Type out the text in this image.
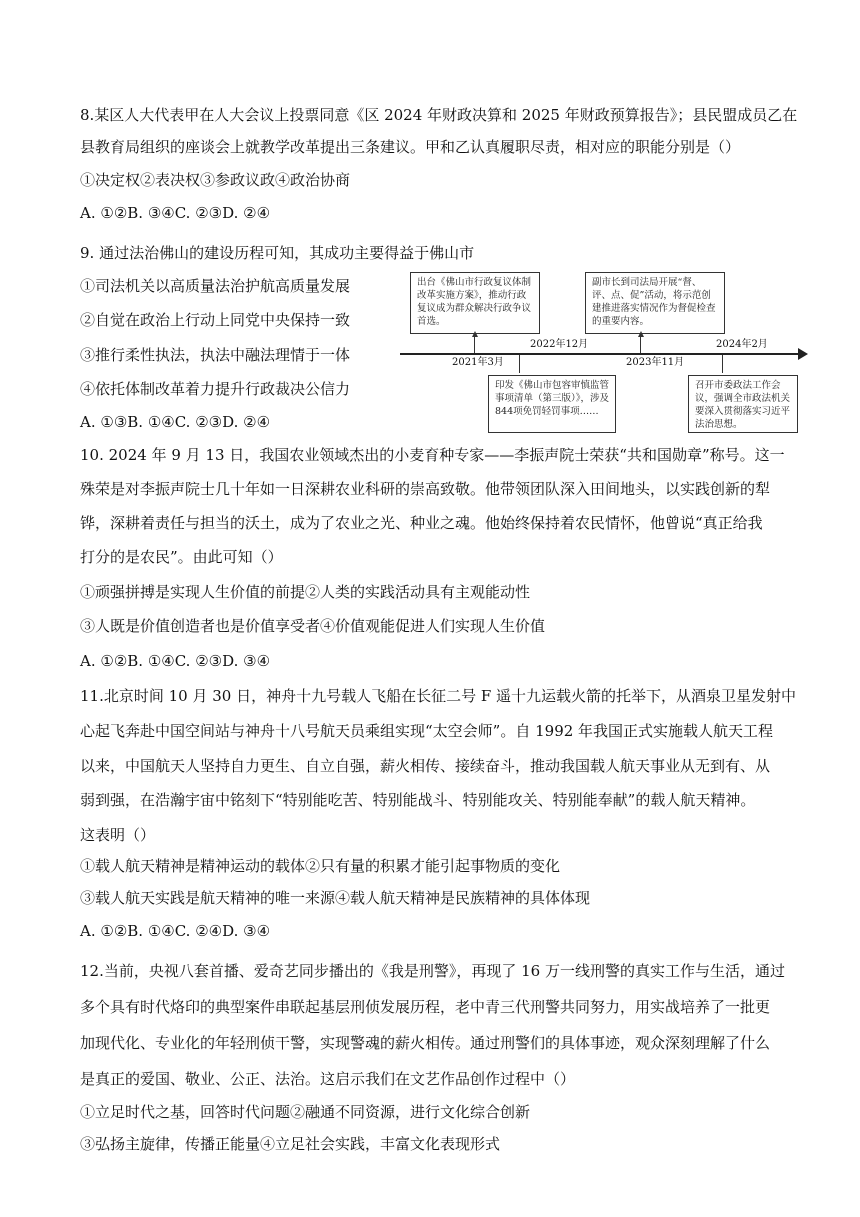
8.某区人大代表甲在人大会议上投票同意《区 2024 年财政决算和 2025 年财政预算报告》；县民盟成员乙在
县教育局组织的座谈会上就教学改革提出三条建议。甲和乙认真履职尽责，相对应的职能分别是（）
①决定权②表决权③参政议政④政治协商
A. ①②B. ③④C. ②③D. ②④
9. 通过法治佛山的建设历程可知，其成功主要得益于佛山市
①司法机关以高质量法治护航高质量发展
②自觉在政治上行动上同党中央保持一致
③推行柔性执法，执法中融法理情于一体
④依托体制改革着力提升行政裁决公信力
A. ①③B. ①④C. ②③D. ②④
出台《佛山市行政复议体制改革实施方案》，推动行政复议成为群众解决行政争议首选。
副市长到司法局开展“督、评、点、促”活动，将示范创建推进落实情况作为督促检查的重要内容。
2021年3月
2022年12月
2023年11月
2024年2月
印发《佛山市包容审慎监管事项清单（第三版）》，涉及844项免罚轻罚事项……
召开市委政法工作会议，强调全市政法机关要深入贯彻落实习近平法治思想。
10. 2024 年 9 月 13 日，我国农业领域杰出的小麦育种专家——李振声院士荣获“共和国勋章”称号。这一
殊荣是对李振声院士几十年如一日深耕农业科研的崇高致敬。他带领团队深入田间地头，以实践创新的犁
铧，深耕着责任与担当的沃土，成为了农业之光、种业之魂。他始终保持着农民情怀，他曾说“真正给我
打分的是农民”。由此可知（）
①顽强拼搏是实现人生价值的前提②人类的实践活动具有主观能动性
③人既是价值创造者也是价值享受者④价值观能促进人们实现人生价值
A. ①②B. ①④C. ②③D. ③④
11.北京时间 10 月 30 日，神舟十九号载人飞船在长征二号 F 遥十九运载火箭的托举下，从酒泉卫星发射中
心起飞奔赴中国空间站与神舟十八号航天员乘组实现“太空会师”。自 1992 年我国正式实施载人航天工程
以来，中国航天人坚持自力更生、自立自强，薪火相传、接续奋斗，推动我国载人航天事业从无到有、从
弱到强，在浩瀚宇宙中铭刻下“特别能吃苦、特别能战斗、特别能攻关、特别能奉献”的载人航天精神。
这表明（）
①载人航天精神是精神运动的载体②只有量的积累才能引起事物质的变化
③载人航天实践是航天精神的唯一来源④载人航天精神是民族精神的具体体现
A. ①②B. ①④C. ②④D. ③④
12.当前，央视八套首播、爱奇艺同步播出的《我是刑警》，再现了 16 万一线刑警的真实工作与生活，通过
多个具有时代烙印的典型案件串联起基层刑侦发展历程，老中青三代刑警共同努力，用实战培养了一批更
加现代化、专业化的年轻刑侦干警，实现警魂的薪火相传。通过刑警们的具体事迹，观众深刻理解了什么
是真正的爱国、敬业、公正、法治。这启示我们在文艺作品创作过程中（）
①立足时代之基，回答时代问题②融通不同资源，进行文化综合创新
③弘扬主旋律，传播正能量④立足社会实践，丰富文化表现形式
